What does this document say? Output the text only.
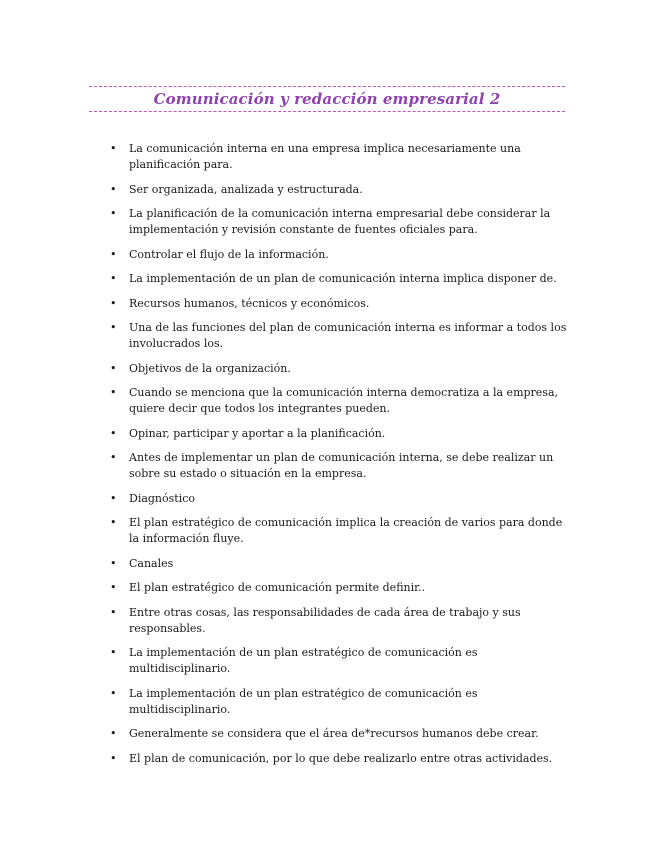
Comunicación y redacción empresarial 2
• La comunicación interna en una empresa implica necesariamente una planificación para.
• Ser organizada, analizada y estructurada.
• La planificación de la comunicación interna empresarial debe considerar la implementación y revisión constante de fuentes oficiales para.
• Controlar el flujo de la información.
• La implementación de un plan de comunicación interna implica disponer de.
• Recursos humanos, técnicos y económicos.
• Una de las funciones del plan de comunicación interna es informar a todos los involucrados los.
• Objetivos de la organización.
• Cuando se menciona que la comunicación interna democratiza a la empresa, quiere decir que todos los integrantes pueden.
• Opinar, participar y aportar a la planificación.
• Antes de implementar un plan de comunicación interna, se debe realizar un sobre su estado o situación en la empresa.
• Diagnóstico
• El plan estratégico de comunicación implica la creación de varios para donde la información fluye.
• Canales
• El plan estratégico de comunicación permite definir..
• Entre otras cosas, las responsabilidades de cada área de trabajo y sus responsables.
• La implementación de un plan estratégico de comunicación es multidisciplinario.
• La implementación de un plan estratégico de comunicación es multidisciplinario.
• Generalmente se considera que el área de*recursos humanos debe crear.
• El plan de comunicación, por lo que debe realizarlo entre otras actividades.
